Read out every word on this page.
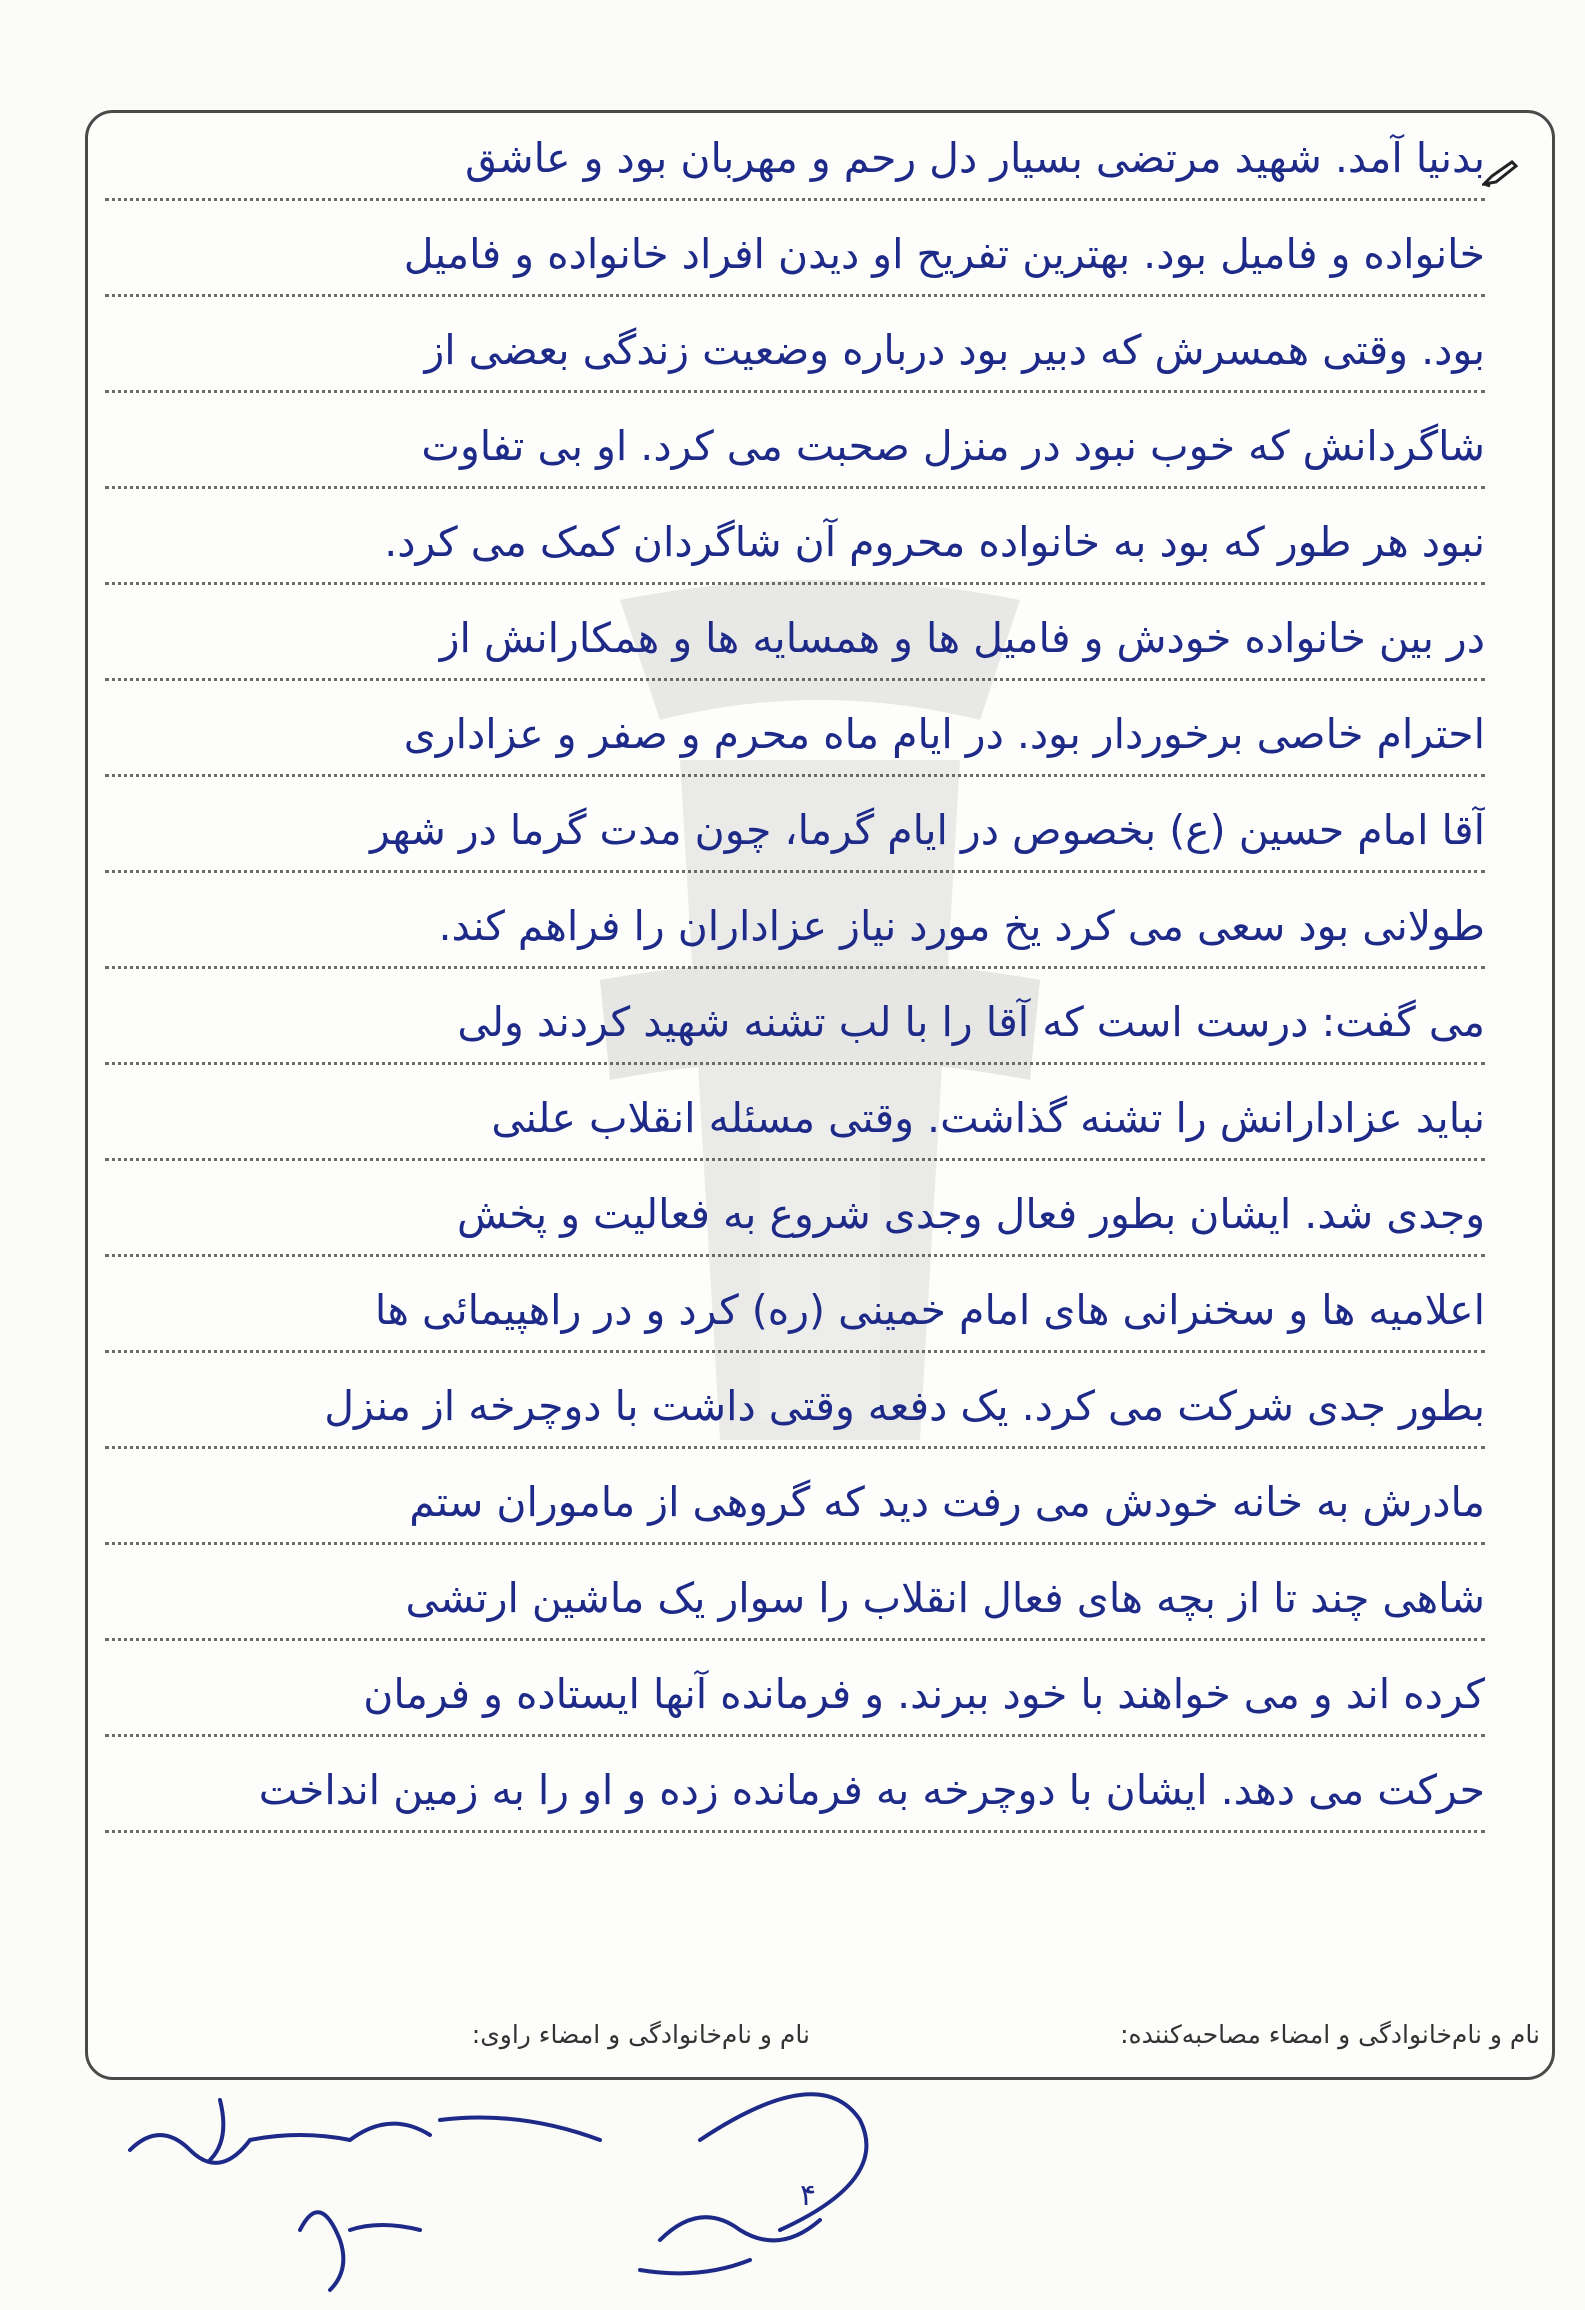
بدنیا آمد. شهید مرتضی بسیار دل رحم و مهربان بود و عاشق
خانواده و فامیل بود. بهترین تفریح او دیدن افراد خانواده و فامیل
بود. وقتی همسرش که دبیر بود درباره وضعیت زندگی بعضی از
شاگردانش که خوب نبود در منزل صحبت می کرد. او بی تفاوت
نبود هر طور که بود به خانواده محروم آن شاگردان کمک می کرد.
در بین خانواده خودش و فامیل ها و همسایه ها و همکارانش از
احترام خاصی برخوردار بود. در ایام ماه محرم و صفر و عزاداری
آقا امام حسین (ع) بخصوص در ایام گرما، چون مدت گرما در شهر
طولانی بود سعی می کرد یخ مورد نیاز عزاداران را فراهم کند.
می گفت: درست است که آقا را با لب تشنه شهید کردند ولی
نباید عزادارانش را تشنه گذاشت. وقتی مسئله انقلاب علنی
وجدی شد. ایشان بطور فعال وجدی شروع به فعالیت و پخش
اعلامیه ها و سخنرانی های امام خمینی (ره) کرد و در راهپیمائی ها
بطور جدی شرکت می کرد. یک دفعه وقتی داشت با دوچرخه از منزل
مادرش به خانه خودش می رفت دید که گروهی از ماموران ستم
شاهی چند تا از بچه های فعال انقلاب را سوار یک ماشین ارتشی
کرده اند و می خواهند با خود ببرند. و فرمانده آنها ایستاده و فرمان
حرکت می دهد. ایشان با دوچرخه به فرمانده زده و او را به زمین انداخت
نام و نام‌خانوادگی و امضاء مصاحبه‌کننده:
نام و نام‌خانوادگی و امضاء راوی:
۴
